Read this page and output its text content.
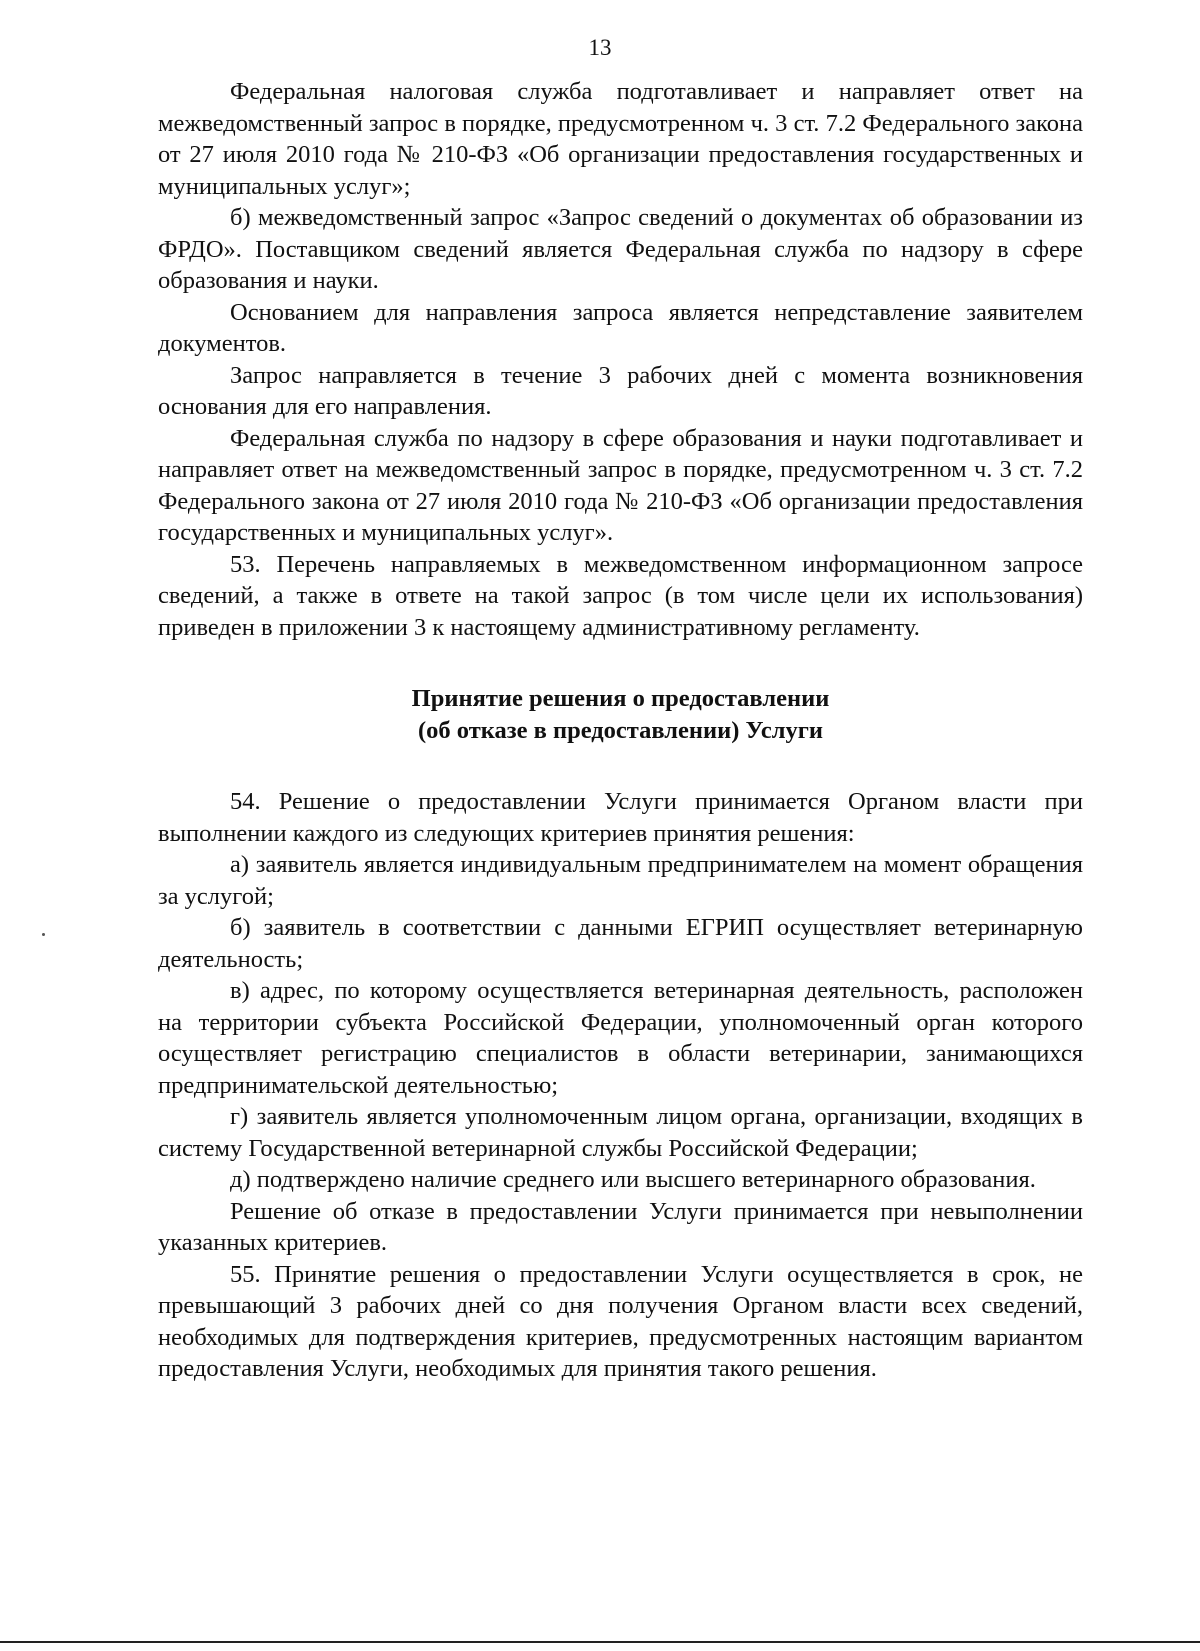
13

Федеральная налоговая служба подготавливает и направляет ответ на межведомственный запрос в порядке, предусмотренном ч. 3 ст. 7.2 Федерального закона от 27 июля 2010 года № 210-ФЗ «Об организации предоставления государственных и муниципальных услуг»;

б) межведомственный запрос «Запрос сведений о документах об образовании из ФРДО». Поставщиком сведений является Федеральная служба по надзору в сфере образования и науки.

Основанием для направления запроса является непредставление заявителем документов.

Запрос направляется в течение 3 рабочих дней с момента возникновения основания для его направления.

Федеральная служба по надзору в сфере образования и науки подготавливает и направляет ответ на межведомственный запрос в порядке, предусмотренном ч. 3 ст. 7.2 Федерального закона от 27 июля 2010 года № 210-ФЗ «Об организации предоставления государственных и муниципальных услуг».

53. Перечень направляемых в межведомственном информационном запросе сведений, а также в ответе на такой запрос (в том числе цели их использования) приведен в приложении 3 к настоящему административному регламенту.

Принятие решения о предоставлении
(об отказе в предоставлении) Услуги

54. Решение о предоставлении Услуги принимается Органом власти при выполнении каждого из следующих критериев принятия решения:

а) заявитель является индивидуальным предпринимателем на момент обращения за услугой;

б) заявитель в соответствии с данными ЕГРИП осуществляет ветеринарную деятельность;

в) адрес, по которому осуществляется ветеринарная деятельность, расположен на территории субъекта Российской Федерации, уполномоченный орган которого осуществляет регистрацию специалистов в области ветеринарии, занимающихся предпринимательской деятельностью;

г) заявитель является уполномоченным лицом органа, организации, входящих в систему Государственной ветеринарной службы Российской Федерации;

д) подтверждено наличие среднего или высшего ветеринарного образования.

Решение об отказе в предоставлении Услуги принимается при невыполнении указанных критериев.

55. Принятие решения о предоставлении Услуги осуществляется в срок, не превышающий 3 рабочих дней со дня получения Органом власти всех сведений, необходимых для подтверждения критериев, предусмотренных настоящим вариантом предоставления Услуги, необходимых для принятия такого решения.
